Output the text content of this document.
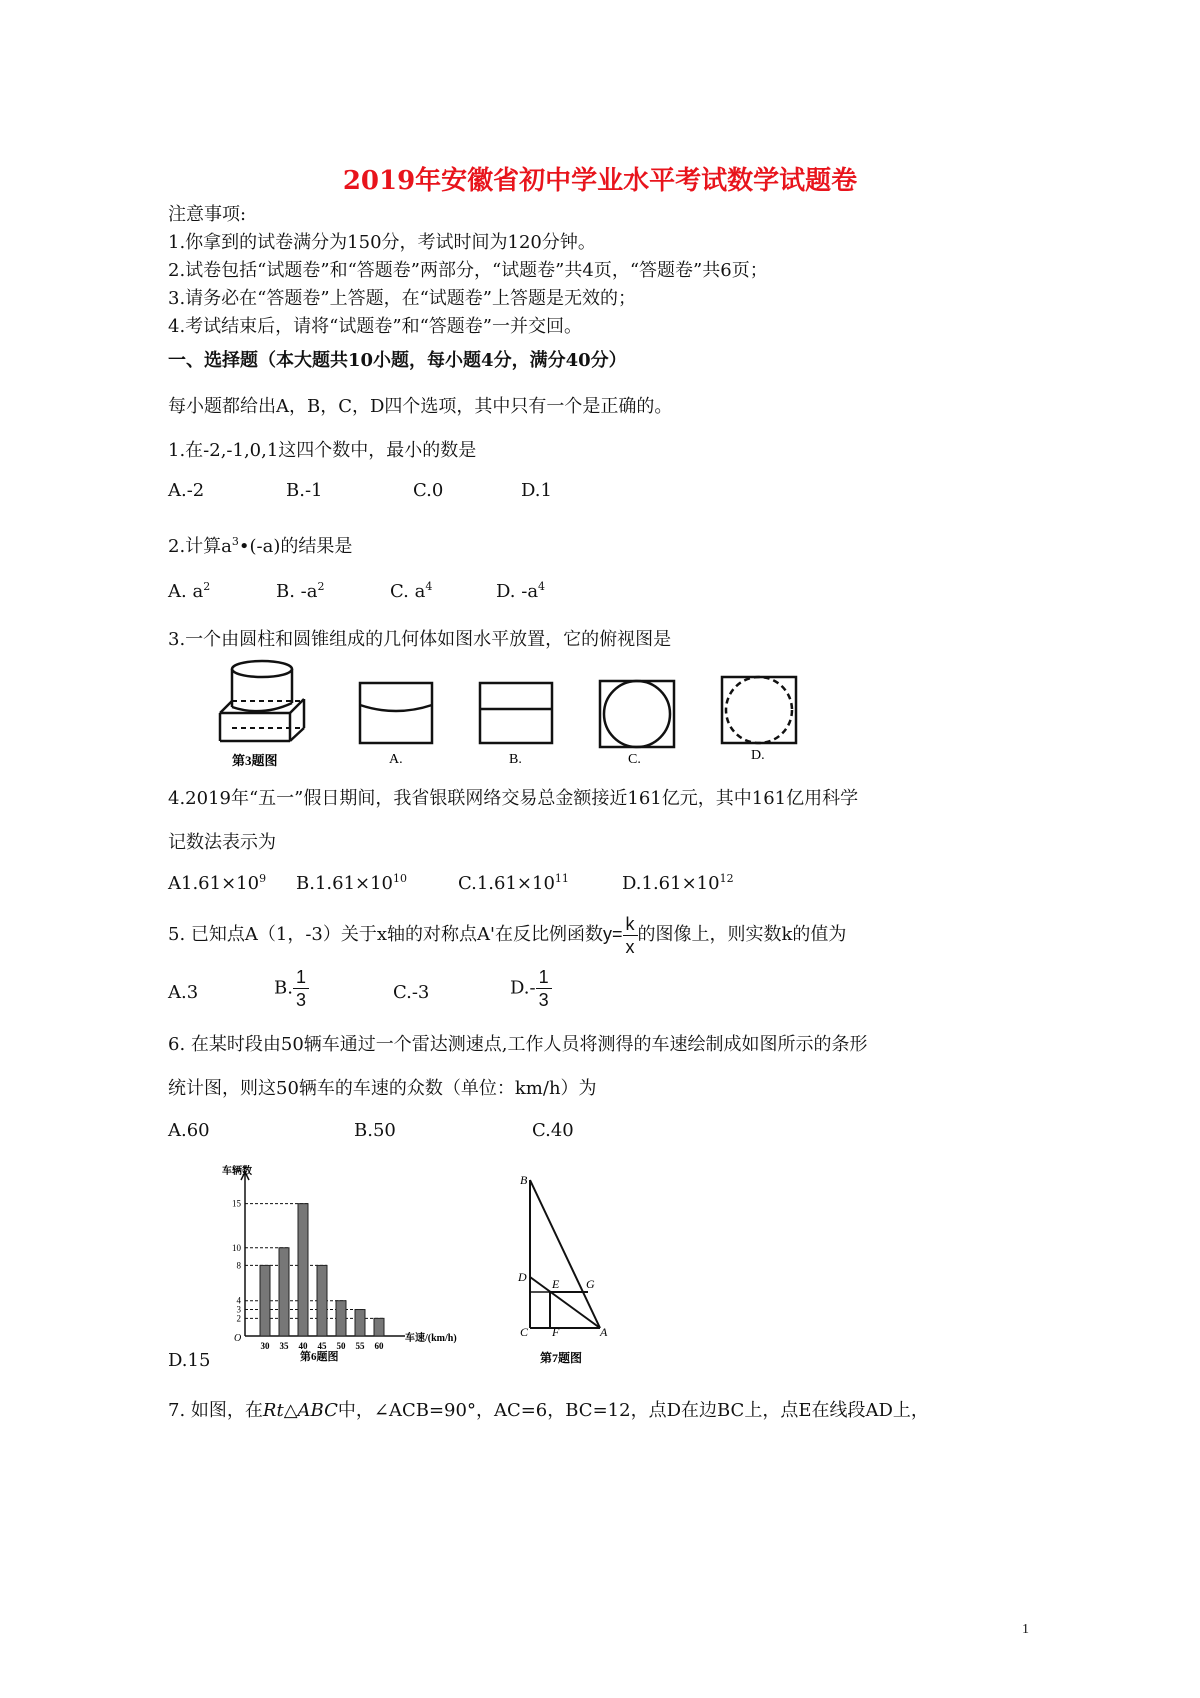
2019年安徽省初中学业水平考试数学试题卷
注意事项:
1.你拿到的试卷满分为150分，考试时间为120分钟。
2.试卷包括“试题卷”和“答题卷”两部分，“试题卷”共4页，“答题卷”共6页；
3.请务必在“答题卷”上答题，在“试题卷”上答题是无效的；
4.考试结束后，请将“试题卷”和“答题卷”一并交回。
一、选择题（本大题共10小题，每小题4分，满分40分）
每小题都给出A，B，C，D四个选项，其中只有一个是正确的。
1.在-2,-1,0,1这四个数中，最小的数是
A.-2	B.-1	C.0	D.1
2.计算$a^3•(-a)$的结果是
A. $a^2$	B. $-a^2$	C. $a^4$	D. $-a^4$
3.一个由圆柱和圆锥组成的几何体如图水平放置，它的俯视图是
第3题图	A.	B.	C.	D.
4.2019年“五一”假日期间，我省银联网络交易总金额接近161亿元，其中161亿用科学
记数法表示为
$A1.61\times 10^9$ $B.1.61\times 10^{10}$	$C.1.61\times 10^{11}$	$D.1.61\times 10^{12}$
5. 已知点A（1，-3）关于x轴的对称点A'在反比例函数$y= \frac{k}{x}$ 的图像上，则实数k的值为
A.3	B. $\frac{1}{3}$	C.-3	$D.- \frac{1}{3}$
6. 在某时段由50辆车通过一个雷达测速点,工作人员将测得的车速绘制成如图所示的条形
统计图，则这50辆车的车速的众数（单位：km/h）为
A.60	B.50	C.40
车辆数
车速/(km/h)
O
2
3
4
8
10
15
30 35 40 45 50 55 60
第6题图
D.15
B
D E G
C F	A
第7题图
7. 如图，在Rt△ABC中，∠ACB=90°，AC=6，BC=12，点D在边BC上，点E在线段AD上，
1
